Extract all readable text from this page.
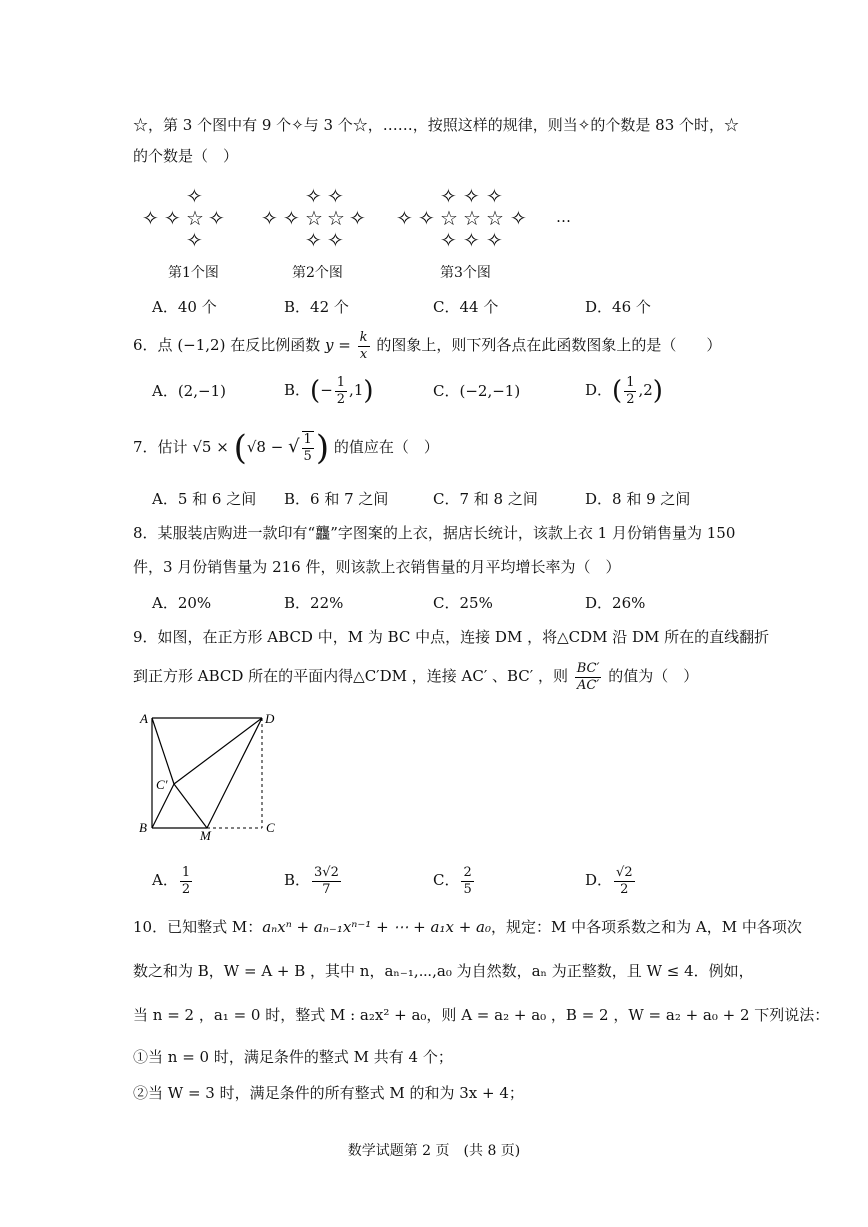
☆，第 3 个图中有 9 个✧与 3 个☆，……，按照这样的规律，则当✧的个数是 83 个时，☆
的个数是（　）
✧
✧ ✧ ☆ ✧
✧
✧ ✧
✧ ✧ ☆ ☆ ✧
✧ ✧
✧ ✧ ✧
✧ ✧ ☆ ☆ ☆ ✧
✧ ✧ ✧
…
第1个图	第2个图	第3个图
A．40 个	B．42 个	C．44 个	D．46 个
6．点 (−1,2) 在反比例函数 $y = \frac{k}{x}$ 的图象上，则下列各点在此函数图象上的是（　　）
A．(2,−1)	B．(− $\frac{1}{2} ,1$)	C．(−2,−1)	D．( $\frac{1}{2} ,2$)
7．估计 √5 × (√8 − √ $\frac{1}{5}$ ) 的值应在（　）
A．5 和 6 之间 B．6 和 7 之间	C．7 和 8 之间	D．8 和 9 之间
8．某服装店购进一款印有“龘”字图案的上衣，据店长统计，该款上衣 1 月份销售量为 150
件，3 月份销售量为 216 件，则该款上衣销售量的月平均增长率为（　）
A．20%	B．22%	C．25%	D．26%
9．如图，在正方形 ABCD 中，M 为 BC 中点，连接 DM ，将△CDM 沿 DM 所在的直线翻折
到正方形 ABCD 所在的平面内得△C′DM ，连接 AC′ 、BC′ ，则 $\frac{BC'}{AC'}$ 的值为（　）
A	D
B	C
M
C′
A． $\frac{1}{2}$	B． $\frac{3√2}{7}$	C． $\frac{2}{5}$	D． $\frac{√2}{2}$
10．已知整式 M：aₙxⁿ + aₙ₋₁xⁿ⁻¹ + ⋯ + a₁x + a₀，规定：M 中各项系数之和为 A，M 中各项次
数之和为 B，W = A + B ，其中 n，aₙ₋₁,⋯,a₀ 为自然数，aₙ 为正整数，且 W ≤ 4．例如，
当 n = 2 ，a₁ = 0 时，整式 M : a₂x² + a₀，则 A = a₂ + a₀ ，B = 2 ，W = a₂ + a₀ + 2 下列说法：
①当 n = 0 时，满足条件的整式 M 共有 4 个；
②当 W = 3 时，满足条件的所有整式 M 的和为 3x + 4；
数学试题第 2 页　(共 8 页)
